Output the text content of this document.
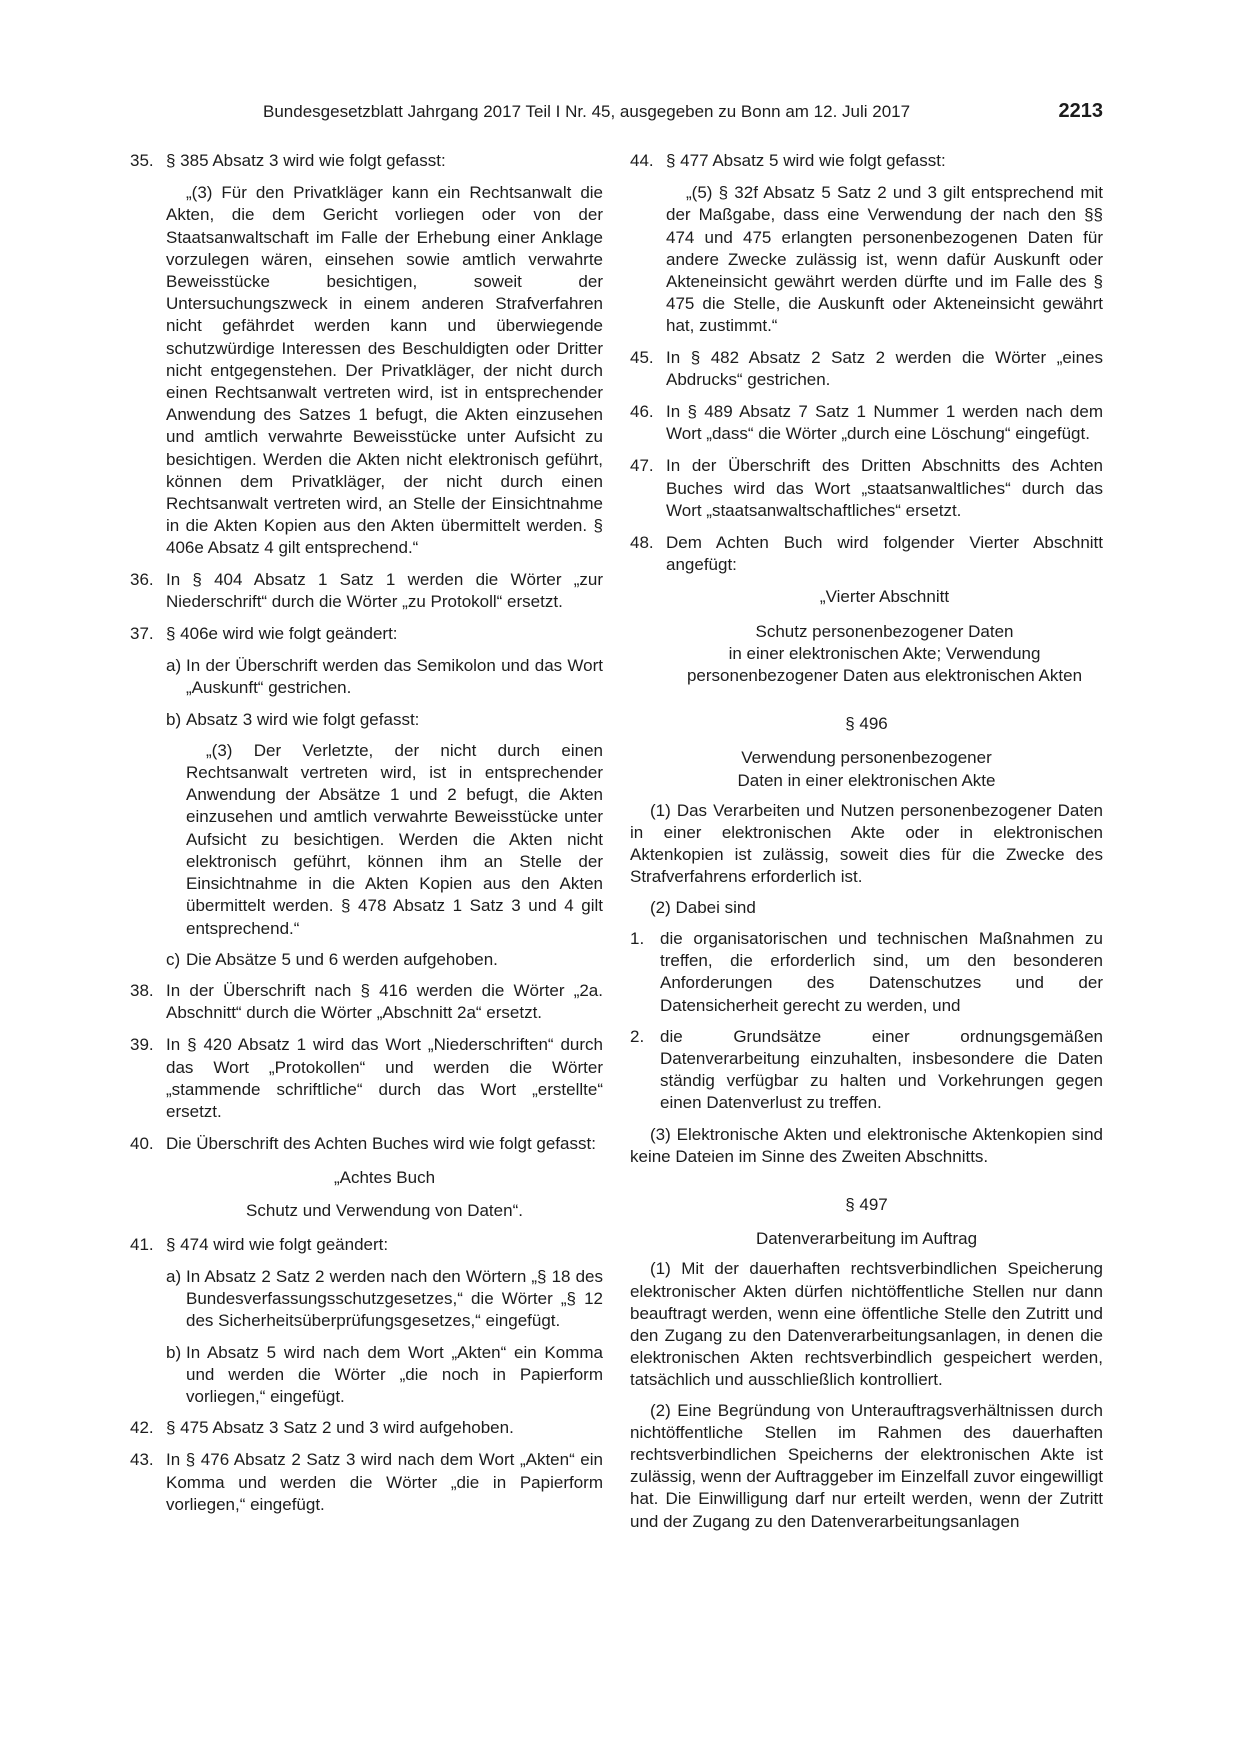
Bundesgesetzblatt Jahrgang 2017 Teil I Nr. 45, ausgegeben zu Bonn am 12. Juli 2017	2213
35. § 385 Absatz 3 wird wie folgt gefasst:
„(3) Für den Privatkläger kann ein Rechtsanwalt die Akten, die dem Gericht vorliegen oder von der Staatsanwaltschaft im Falle der Erhebung einer Anklage vorzulegen wären, einsehen sowie amtlich verwahrte Beweisstücke besichtigen, soweit der Untersuchungszweck in einem anderen Strafverfahren nicht gefährdet werden kann und überwiegende schutzwürdige Interessen des Beschuldigten oder Dritter nicht entgegenstehen. Der Privatkläger, der nicht durch einen Rechtsanwalt vertreten wird, ist in entsprechender Anwendung des Satzes 1 befugt, die Akten einzusehen und amtlich verwahrte Beweisstücke unter Aufsicht zu besichtigen. Werden die Akten nicht elektronisch geführt, können dem Privatkläger, der nicht durch einen Rechtsanwalt vertreten wird, an Stelle der Einsichtnahme in die Akten Kopien aus den Akten übermittelt werden. § 406e Absatz 4 gilt entsprechend.“
36. In § 404 Absatz 1 Satz 1 werden die Wörter „zur Niederschrift“ durch die Wörter „zu Protokoll“ ersetzt.
37. § 406e wird wie folgt geändert:
a) In der Überschrift werden das Semikolon und das Wort „Auskunft“ gestrichen.
b) Absatz 3 wird wie folgt gefasst:
„(3) Der Verletzte, der nicht durch einen Rechtsanwalt vertreten wird, ist in entsprechender Anwendung der Absätze 1 und 2 befugt, die Akten einzusehen und amtlich verwahrte Beweisstücke unter Aufsicht zu besichtigen. Werden die Akten nicht elektronisch geführt, können ihm an Stelle der Einsichtnahme in die Akten Kopien aus den Akten übermittelt werden. § 478 Absatz 1 Satz 3 und 4 gilt entsprechend.“
c) Die Absätze 5 und 6 werden aufgehoben.
38. In der Überschrift nach § 416 werden die Wörter „2a. Abschnitt“ durch die Wörter „Abschnitt 2a“ ersetzt.
39. In § 420 Absatz 1 wird das Wort „Niederschriften“ durch das Wort „Protokollen“ und werden die Wörter „stammende schriftliche“ durch das Wort „erstellte“ ersetzt.
40. Die Überschrift des Achten Buches wird wie folgt gefasst:
„Achtes Buch
Schutz und Verwendung von Daten“.
41. § 474 wird wie folgt geändert:
a) In Absatz 2 Satz 2 werden nach den Wörtern „§ 18 des Bundesverfassungsschutzgesetzes,“ die Wörter „§ 12 des Sicherheitsüberprüfungsgesetzes,“ eingefügt.
b) In Absatz 5 wird nach dem Wort „Akten“ ein Komma und werden die Wörter „die noch in Papierform vorliegen,“ eingefügt.
42. § 475 Absatz 3 Satz 2 und 3 wird aufgehoben.
43. In § 476 Absatz 2 Satz 3 wird nach dem Wort „Akten“ ein Komma und werden die Wörter „die in Papierform vorliegen,“ eingefügt.
44. § 477 Absatz 5 wird wie folgt gefasst:
„(5) § 32f Absatz 5 Satz 2 und 3 gilt entsprechend mit der Maßgabe, dass eine Verwendung der nach den §§ 474 und 475 erlangten personenbezogenen Daten für andere Zwecke zulässig ist, wenn dafür Auskunft oder Akteneinsicht gewährt werden dürfte und im Falle des § 475 die Stelle, die Auskunft oder Akteneinsicht gewährt hat, zustimmt.“
45. In § 482 Absatz 2 Satz 2 werden die Wörter „eines Abdrucks“ gestrichen.
46. In § 489 Absatz 7 Satz 1 Nummer 1 werden nach dem Wort „dass“ die Wörter „durch eine Löschung“ eingefügt.
47. In der Überschrift des Dritten Abschnitts des Achten Buches wird das Wort „staatsanwaltliches“ durch das Wort „staatsanwaltschaftliches“ ersetzt.
48. Dem Achten Buch wird folgender Vierter Abschnitt angefügt:
„Vierter Abschnitt
Schutz personenbezogener Daten
in einer elektronischen Akte; Verwendung
personenbezogener Daten aus elektronischen Akten
§ 496
Verwendung personenbezogener
Daten in einer elektronischen Akte
(1) Das Verarbeiten und Nutzen personenbezogener Daten in einer elektronischen Akte oder in elektronischen Aktenkopien ist zulässig, soweit dies für die Zwecke des Strafverfahrens erforderlich ist.
(2) Dabei sind
1. die organisatorischen und technischen Maßnahmen zu treffen, die erforderlich sind, um den besonderen Anforderungen des Datenschutzes und der Datensicherheit gerecht zu werden, und
2. die Grundsätze einer ordnungsgemäßen Datenverarbeitung einzuhalten, insbesondere die Daten ständig verfügbar zu halten und Vorkehrungen gegen einen Datenverlust zu treffen.
(3) Elektronische Akten und elektronische Aktenkopien sind keine Dateien im Sinne des Zweiten Abschnitts.
§ 497
Datenverarbeitung im Auftrag
(1) Mit der dauerhaften rechtsverbindlichen Speicherung elektronischer Akten dürfen nichtöffentliche Stellen nur dann beauftragt werden, wenn eine öffentliche Stelle den Zutritt und den Zugang zu den Datenverarbeitungsanlagen, in denen die elektronischen Akten rechtsverbindlich gespeichert werden, tatsächlich und ausschließlich kontrolliert.
(2) Eine Begründung von Unterauftragsverhältnissen durch nichtöffentliche Stellen im Rahmen des dauerhaften rechtsverbindlichen Speicherns der elektronischen Akte ist zulässig, wenn der Auftraggeber im Einzelfall zuvor eingewilligt hat. Die Einwilligung darf nur erteilt werden, wenn der Zutritt und der Zugang zu den Datenverarbeitungsanlagen
